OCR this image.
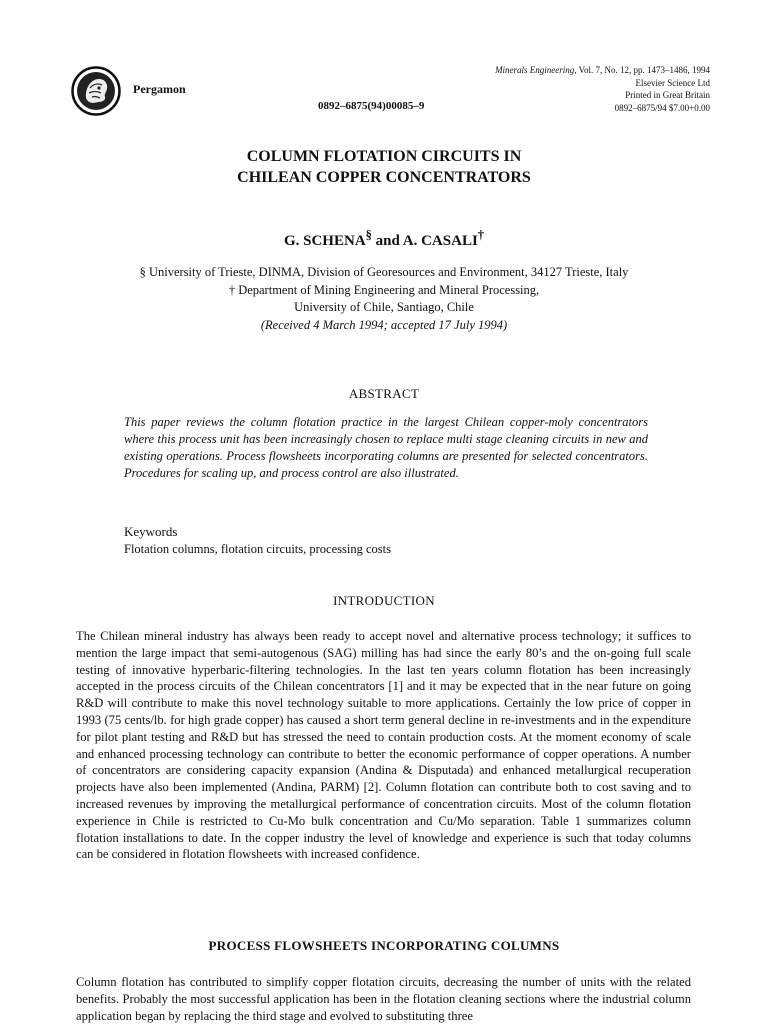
Pergamon
Minerals Engineering, Vol. 7, No. 12, pp. 1473–1486, 1994
Elsevier Science Ltd
Printed in Great Britain
0892–6875/94 $7.00+0.00
0892–6875(94)00085–9
COLUMN FLOTATION CIRCUITS IN
CHILEAN COPPER CONCENTRATORS
G. SCHENA§ and A. CASALI†
§ University of Trieste, DINMA, Division of Georesources and Environment, 34127 Trieste, Italy
† Department of Mining Engineering and Mineral Processing,
University of Chile, Santiago, Chile
(Received 4 March 1994; accepted 17 July 1994)
ABSTRACT
This paper reviews the column flotation practice in the largest Chilean copper-moly concentrators where this process unit has been increasingly chosen to replace multi stage cleaning circuits in new and existing operations. Process flowsheets incorporating columns are presented for selected concentrators. Procedures for scaling up, and process control are also illustrated.
Keywords
Flotation columns, flotation circuits, processing costs
INTRODUCTION
The Chilean mineral industry has always been ready to accept novel and alternative process technology; it suffices to mention the large impact that semi-autogenous (SAG) milling has had since the early 80’s and the on-going full scale testing of innovative hyperbaric-filtering technologies. In the last ten years column flotation has been increasingly accepted in the process circuits of the Chilean concentrators [1] and it may be expected that in the near future on going R&D will contribute to make this novel technology suitable to more applications. Certainly the low price of copper in 1993 (75 cents/lb. for high grade copper) has caused a short term general decline in re-investments and in the expenditure for pilot plant testing and R&D but has stressed the need to contain production costs. At the moment economy of scale and enhanced processing technology can contribute to better the economic performance of copper operations. A number of concentrators are considering capacity expansion (Andina & Disputada) and enhanced metallurgical recuperation projects have also been implemented (Andina, PARM) [2]. Column flotation can contribute both to cost saving and to increased revenues by improving the metallurgical performance of concentration circuits. Most of the column flotation experience in Chile is restricted to Cu-Mo bulk concentration and Cu/Mo separation. Table 1 summarizes column flotation installations to date. In the copper industry the level of knowledge and experience is such that today columns can be considered in flotation flowsheets with increased confidence.
PROCESS FLOWSHEETS INCORPORATING COLUMNS
Column flotation has contributed to simplify copper flotation circuits, decreasing the number of units with the related benefits. Probably the most successful application has been in the flotation cleaning sections where the industrial column application began by replacing the third stage and evolved to substituting three
